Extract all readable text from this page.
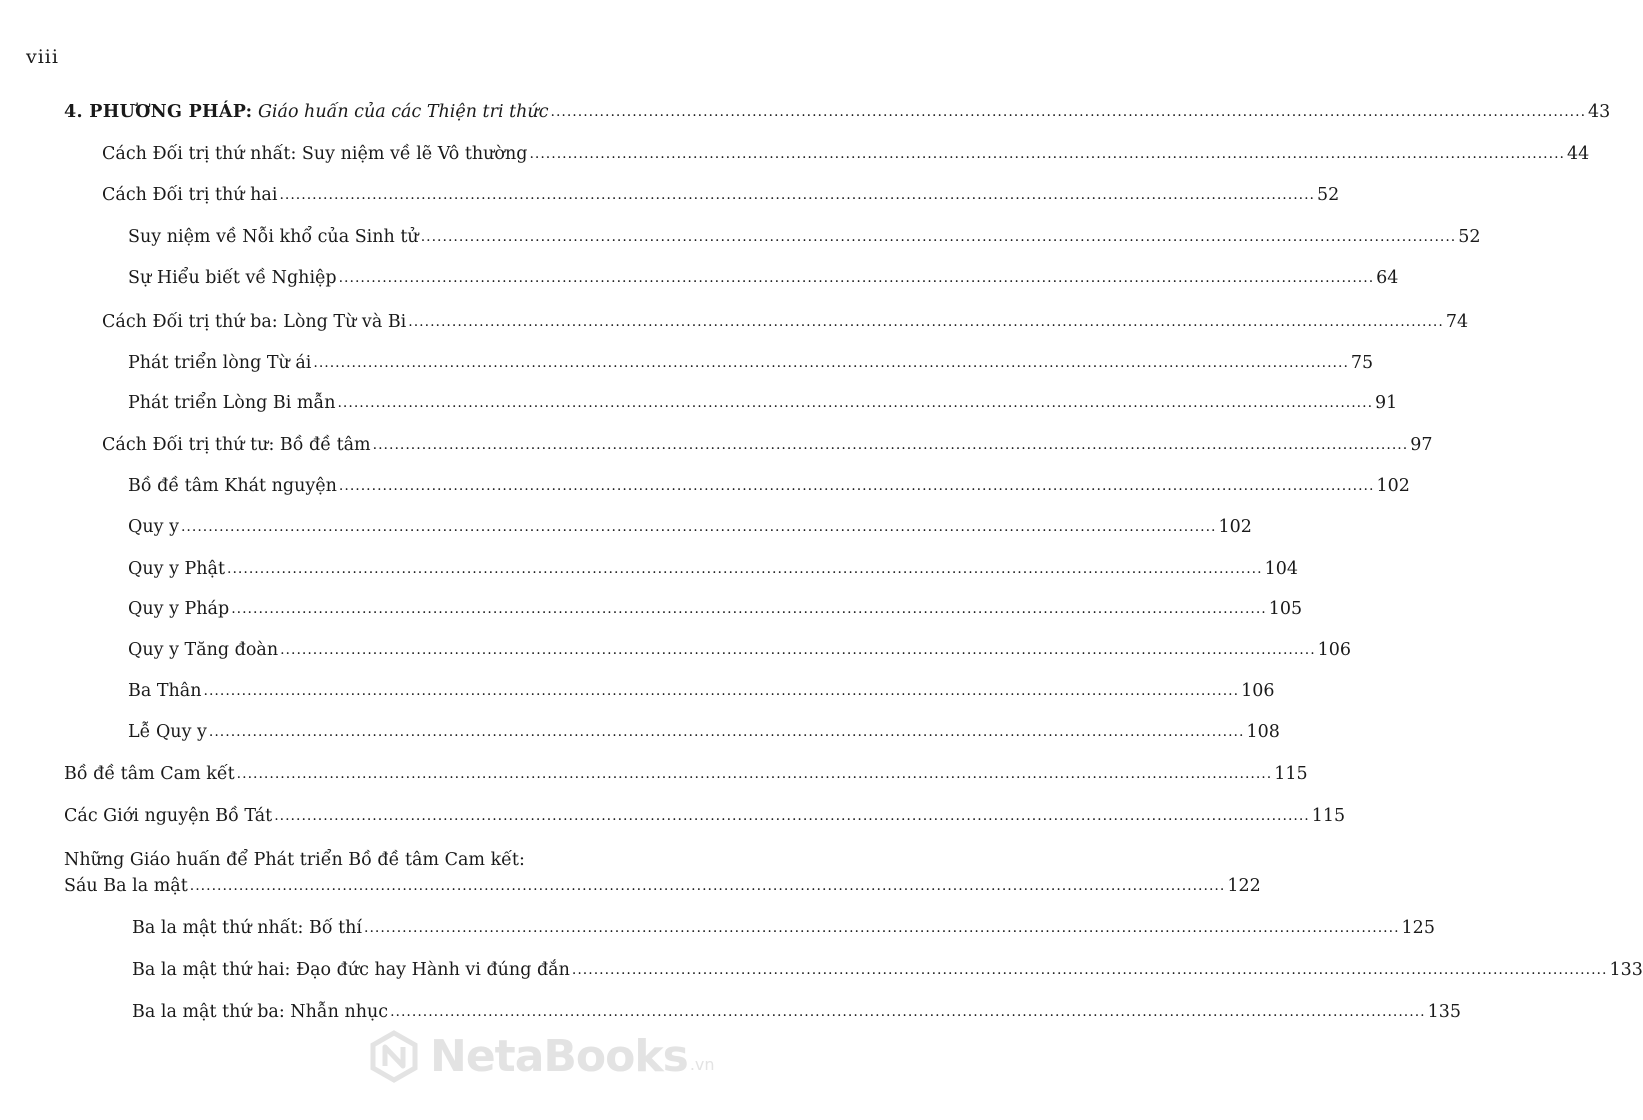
viii
4. PHƯƠNG PHÁP: Giáo huấn của các Thiện tri thức .....	43
Cách Đối trị thứ nhất: Suy niệm về lẽ Vô thường .....	44
Cách Đối trị thứ hai .....	52
Suy niệm về Nỗi khổ của Sinh tử .....	52
Sự Hiểu biết về Nghiệp .....	64
Cách Đối trị thứ ba: Lòng Từ và Bi .....	74
Phát triển lòng Từ ái .....	75
Phát triển Lòng Bi mẫn .....	91
Cách Đối trị thứ tư: Bồ đề tâm .....	97
Bồ đề tâm Khát nguyện .....	102
Quy y .....	102
Quy y Phật .....	104
Quy y Pháp .....	105
Quy y Tăng đoàn .....	106
Ba Thân .....	106
Lễ Quy y .....	108
Bồ đề tâm Cam kết .....	115
Các Giới nguyện Bồ Tát .....	115
Những Giáo huấn để Phát triển Bồ đề tâm Cam kết:
Sáu Ba la mật .....	122
Ba la mật thứ nhất: Bố thí .....	125
Ba la mật thứ hai: Đạo đức hay Hành vi đúng đắn .....	133
Ba la mật thứ ba: Nhẫn nhục .....	135
NetaBooks .vn
